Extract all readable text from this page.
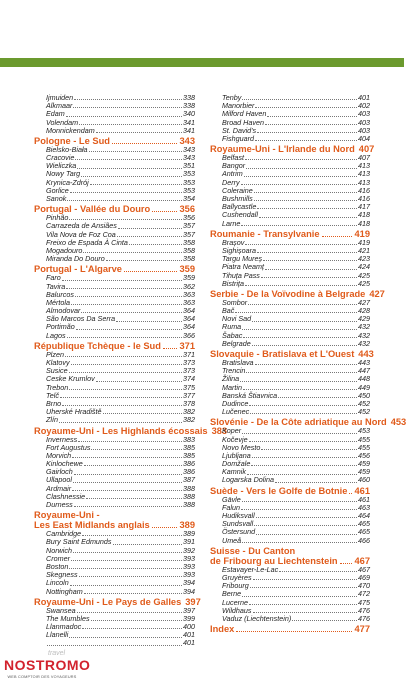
Ijmuiden	338
Alkmaar	338
Edam	340
Volendam	341
Monnickendam	341
Pologne - Le Sud	343
Bielsko-Biała	343
Cracovie	343
Wieliczka	351
Nowy Targ	353
Krynica-Zdrój	353
Gorlice	353
Sanok	354
Portugal - Vallée du Douro	356
Pinhão	356
Carrazeda de Ansiães	357
Vila Nova de Foz Coa	357
Freixo de Espada À Cinta	358
Mogadouro	358
Miranda Do Douro	358
Portugal - L'Algarve	359
Faro	359
Tavira	362
Balurcos	363
Mértola	363
Almodovar	364
São Marcos Da Serra	364
Portimão	364
Lagos	366
République Tchèque - le Sud 371
Plzen	371
Klatovy	373
Susice	373
Ceske Krumlov	374
Trebon	375
Telč	377
Brno	378
Uherské Hradiště	382
Zlín	382
Royaume-Uni - Les Highlands écossais 383
Inverness	383
Fort Augustus	385
Morvich	385
Kinlochewe	386
Gairloch	386
Ullapool	387
Ardmair	388
Clashnessie	388
Durness	388
Royaume-Uni -
Les East Midlands anglais	389
Cambridge	389
Bury Saint Edmunds	391
Norwich	392
Cromer	393
Boston	393
Skegness	393
Lincoln	394
Nottingham	394
Royaume-Uni - Le Pays de Galles 397
Swansea	397
The Mumbles	399
Llanmadoc	400
Llanelli	401
401
Tenby	401
Manorbier	402
Milford Haven	403
Broad Haven	403
St. David's	403
Fishguard	404
Royaume-Uni - L'Irlande du Nord 407
Belfast	407
Bangor	413
Antrim	413
Derry	413
Coleraine	416
Bushmills	416
Ballycastle	417
Cushendall	418
Larne	418
Roumanie - Transylvanie	419
Brașov	419
Sighișoara	421
Targu Mureș	423
Piatra Neamț	424
Tihuța Pass	425
Bistrița	425
Serbie - De la Voïvodine à Belgrade 427
Sombor	427
Bač	428
Novi Sad	429
Ruma	432
Šabac	432
Belgrade	432
Slovaquie - Bratislava et L'Ouest 443
Bratislava	443
Trencin	447
Žilina	448
Martin	449
Banská Štiavnica	450
Dudince	452
Lučenec	452
Slovénie - De la Côte adriatique au Nord 453
Koper	453
Kočevje	455
Novo Mesto	455
Ljubljana	456
Domžale	459
Kamnik	459
Logarska Dolina	460
Suède - Vers le Golfe de Botnie 461
Gävle	461
Falun	463
Hudiksvall	464
Sundsvall	465
Östersund	465
Umeå	466
Suisse - Du Canton
de Fribourg au Liechtenstein 467
Estavayer-Le-Lac	467
Gruyères	469
Fribourg	470
Berne	472
Lucerne	475
Wildhaus	476
Vaduz (Liechtenstein)	476
Index	477
travel
NOSTROMO
WEB COMPTOIR DES VOYAGEURS
